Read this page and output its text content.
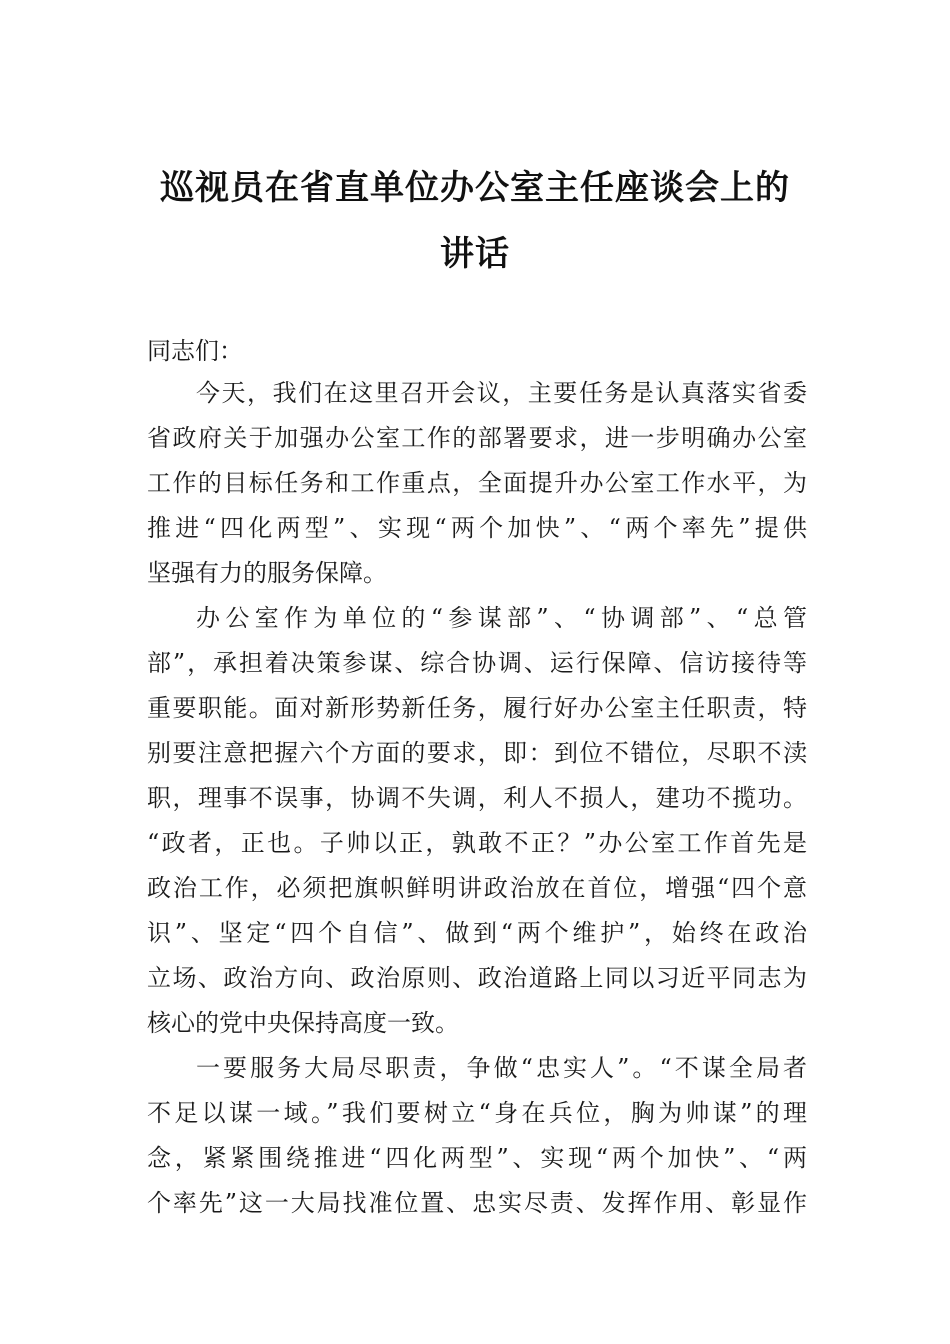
巡视员在省直单位办公室主任座谈会上的
讲话
同志们：
今天，我们在这里召开会议，主要任务是认真落实省委
省政府关于加强办公室工作的部署要求，进一步明确办公室
工作的目标任务和工作重点，全面提升办公室工作水平，为
推进“四化两型”、实现“两个加快”、“两个率先”提供
坚强有力的服务保障。
办公室作为单位的“参谋部”、“协调部”、“总管
部”，承担着决策参谋、综合协调、运行保障、信访接待等
重要职能。面对新形势新任务，履行好办公室主任职责，特
别要注意把握六个方面的要求，即：到位不错位，尽职不渎
职，理事不误事，协调不失调，利人不损人，建功不揽功。
“政者，正也。子帅以正，孰敢不正？”办公室工作首先是
政治工作，必须把旗帜鲜明讲政治放在首位，增强“四个意
识”、坚定“四个自信”、做到“两个维护”，始终在政治
立场、政治方向、政治原则、政治道路上同以习近平同志为
核心的党中央保持高度一致。
一要服务大局尽职责，争做“忠实人”。“不谋全局者
不足以谋一域。”我们要树立“身在兵位，胸为帅谋”的理
念，紧紧围绕推进“四化两型”、实现“两个加快”、“两
个率先”这一大局找准位置、忠实尽责、发挥作用、彰显作
